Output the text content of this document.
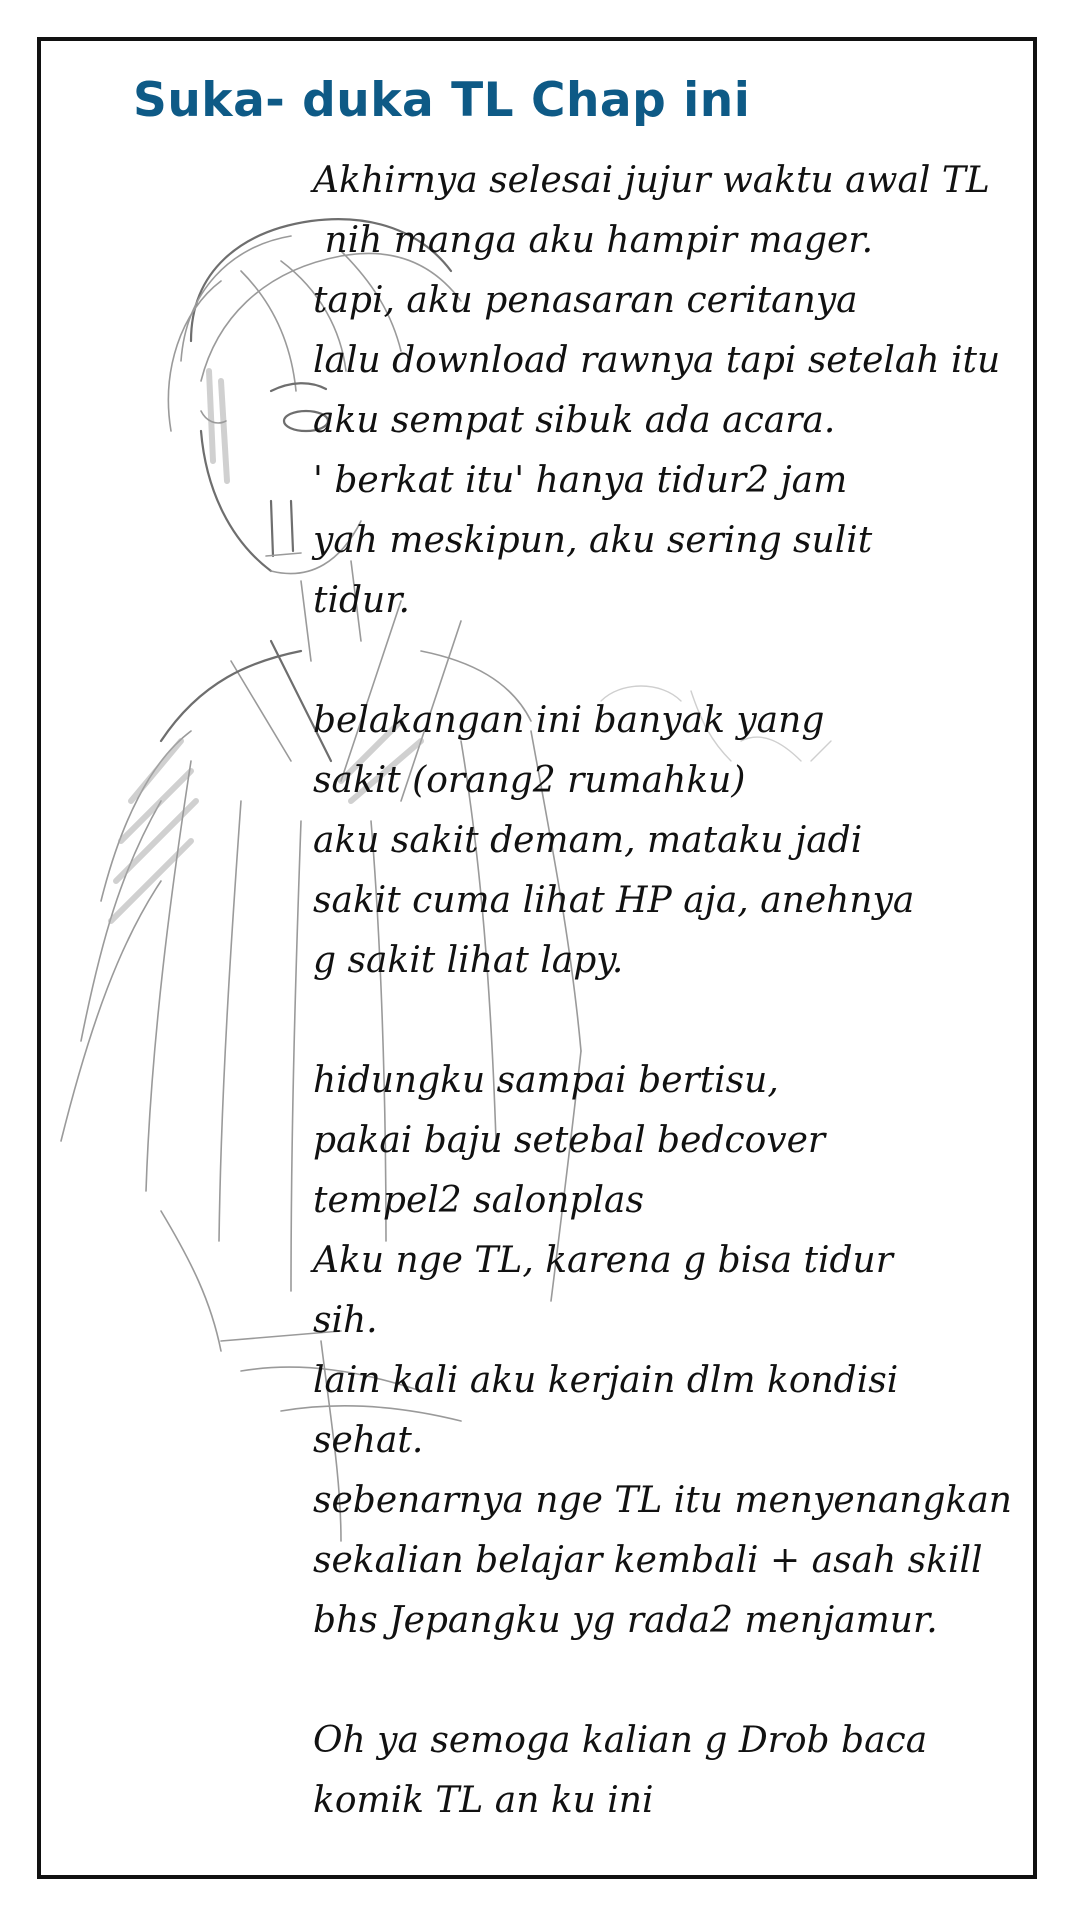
Suka- duka TL Chap ini
Akhirnya selesai jujur waktu awal TL
nih manga aku hampir mager.
tapi, aku penasaran ceritanya
lalu download rawnya tapi setelah itu
aku sempat sibuk ada acara.
' berkat itu' hanya tidur2 jam
yah meskipun, aku sering sulit
tidur.
belakangan ini banyak yang
sakit (orang2 rumahku)
aku sakit demam, mataku jadi
sakit cuma lihat HP aja, anehnya
g sakit lihat lapy.
hidungku sampai bertisu,
pakai baju setebal bedcover
tempel2 salonplas
Aku nge TL, karena g bisa tidur
sih.
lain kali aku kerjain dlm kondisi
sehat.
sebenarnya nge TL itu menyenangkan
sekalian belajar kembali + asah skill
bhs Jepangku yg rada2 menjamur.
Oh ya semoga kalian g Drob baca
komik TL an ku ini
